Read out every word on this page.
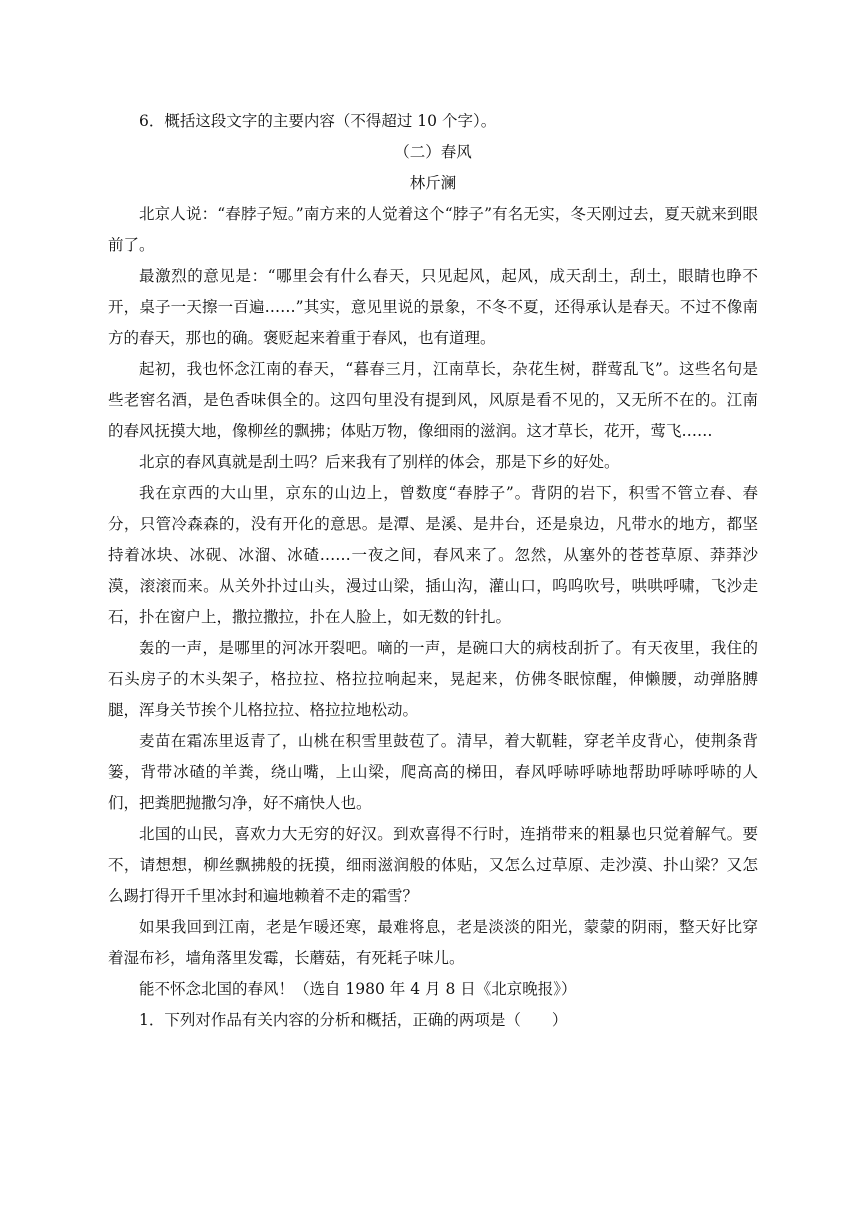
6．概括这段文字的主要内容（不得超过 10 个字）。

（二）春风

林斤澜

北京人说：“春脖子短。”南方来的人觉着这个“脖子”有名无实，冬天刚过去，夏天就来到眼前了。

最激烈的意见是：“哪里会有什么春天，只见起风，起风，成天刮土，刮土，眼睛也睁不开，桌子一天擦一百遍……”其实，意见里说的景象，不冬不夏，还得承认是春天。不过不像南方的春天，那也的确。褒贬起来着重于春风，也有道理。

起初，我也怀念江南的春天，“暮春三月，江南草长，杂花生树，群莺乱飞”。这些名句是些老窖名酒，是色香味俱全的。这四句里没有提到风，风原是看不见的，又无所不在的。江南的春风抚摸大地，像柳丝的飘拂；体贴万物，像细雨的滋润。这才草长，花开，莺飞……

北京的春风真就是刮土吗？后来我有了别样的体会，那是下乡的好处。

我在京西的大山里，京东的山边上，曾数度“春脖子”。背阴的岩下，积雪不管立春、春分，只管冷森森的，没有开化的意思。是潭、是溪、是井台，还是泉边，凡带水的地方，都坚持着冰块、冰砚、冰溜、冰碴……一夜之间，春风来了。忽然，从塞外的苍苍草原、莽莽沙漠，滚滚而来。从关外扑过山头，漫过山梁，插山沟，灌山口，呜呜吹号，哄哄呼啸，飞沙走石，扑在窗户上，撒拉撒拉，扑在人脸上，如无数的针扎。

轰的一声，是哪里的河冰开裂吧。嘀的一声，是碗口大的病枝刮折了。有天夜里，我住的石头房子的木头架子，格拉拉、格拉拉响起来，晃起来，仿佛冬眠惊醒，伸懒腰，动弹胳膊腿，浑身关节挨个儿格拉拉、格拉拉地松动。

麦苗在霜冻里返青了，山桃在积雪里鼓苞了。清早，着大靰鞋，穿老羊皮背心，使荆条背篓，背带冰碴的羊粪，绕山嘴，上山梁，爬高高的梯田，春风呼哧呼哧地帮助呼哧呼哧的人们，把粪肥抛撒匀净，好不痛快人也。

北国的山民，喜欢力大无穷的好汉。到欢喜得不行时，连捎带来的粗暴也只觉着解气。要不，请想想，柳丝飘拂般的抚摸，细雨滋润般的体贴，又怎么过草原、走沙漠、扑山梁？又怎么踢打得开千里冰封和遍地赖着不走的霜雪？

如果我回到江南，老是乍暖还寒，最难将息，老是淡淡的阳光，蒙蒙的阴雨，整天好比穿着湿布衫，墙角落里发霉，长蘑菇，有死耗子味儿。

能不怀念北国的春风！（选自 1980 年 4 月 8 日《北京晚报》）

1．下列对作品有关内容的分析和概括，正确的两项是（　　）
